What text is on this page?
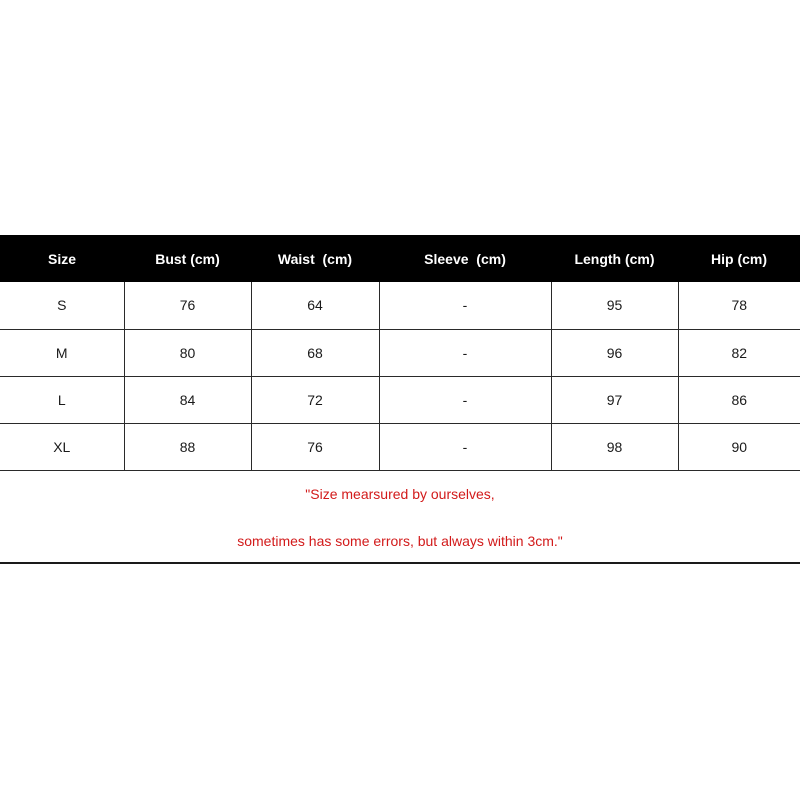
Size	Bust (cm)	Waist  (cm)	Sleeve  (cm)	Length (cm)	Hip (cm)
S	76	64	-	95	78
M	80	68	-	96	82
L	84	72	-	97	86
XL	88	76	-	98	90
"Size mearsured by ourselves,
sometimes has some errors, but always within 3cm."
